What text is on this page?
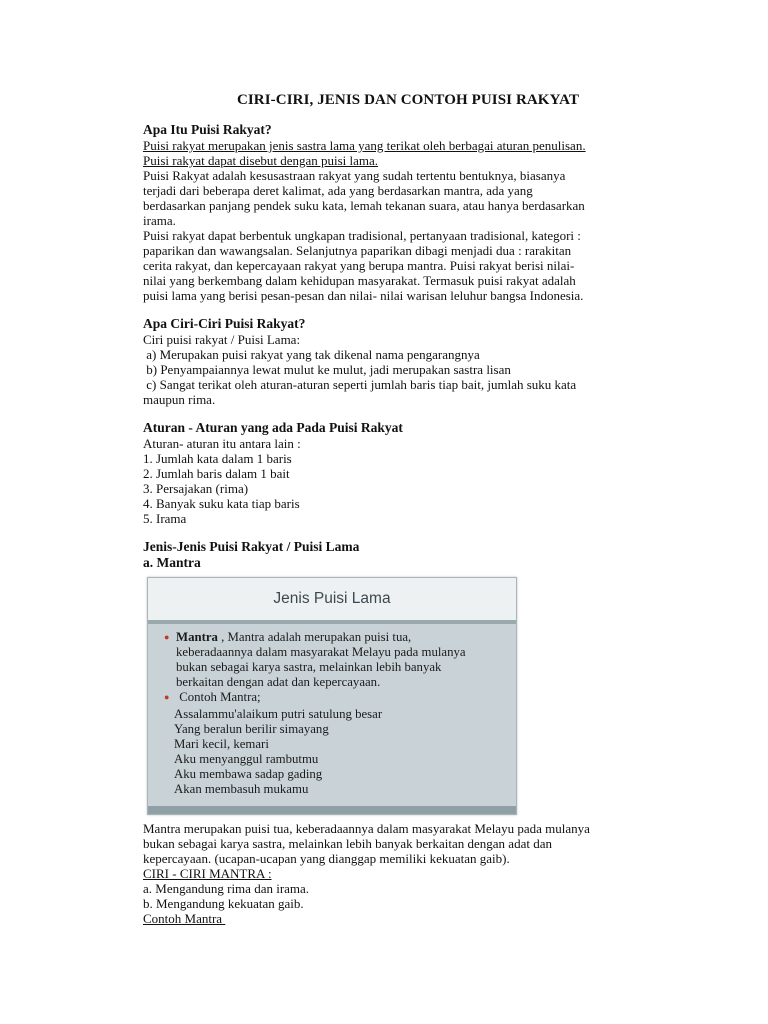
CIRI-CIRI, JENIS DAN CONTOH PUISI RAKYAT
Apa Itu Puisi Rakyat?
Puisi rakyat merupakan jenis sastra lama yang terikat oleh berbagai aturan penulisan.
Puisi rakyat dapat disebut dengan puisi lama.
Puisi Rakyat adalah kesusastraan rakyat yang sudah tertentu bentuknya, biasanya
terjadi dari beberapa deret kalimat, ada yang berdasarkan mantra, ada yang
berdasarkan panjang pendek suku kata, lemah tekanan suara, atau hanya berdasarkan
irama.
Puisi rakyat dapat berbentuk ungkapan tradisional, pertanyaan tradisional, kategori :
paparikan dan wawangsalan. Selanjutnya paparikan dibagi menjadi dua : rarakitan
cerita rakyat, dan kepercayaan rakyat yang berupa mantra. Puisi rakyat berisi nilai-
nilai yang berkembang dalam kehidupan masyarakat. Termasuk puisi rakyat adalah
puisi lama yang berisi pesan-pesan dan nilai- nilai warisan leluhur bangsa Indonesia.
Apa Ciri-Ciri Puisi Rakyat?
Ciri puisi rakyat / Puisi Lama:
a) Merupakan puisi rakyat yang tak dikenal nama pengarangnya
b) Penyampaiannya lewat mulut ke mulut, jadi merupakan sastra lisan
c) Sangat terikat oleh aturan-aturan seperti jumlah baris tiap bait, jumlah suku kata
maupun rima.
Aturan - Aturan yang ada Pada Puisi Rakyat
Aturan- aturan itu antara lain :
1. Jumlah kata dalam 1 baris
2. Jumlah baris dalam 1 bait
3. Persajakan (rima)
4. Banyak suku kata tiap baris
5. Irama
Jenis-Jenis Puisi Rakyat / Puisi Lama
a. Mantra
Jenis Puisi Lama
● Mantra , Mantra adalah merupakan puisi tua,
keberadaannya dalam masyarakat Melayu pada mulanya
bukan sebagai karya sastra, melainkan lebih banyak
berkaitan dengan adat dan kepercayaan.
● Contoh Mantra;
Assalammu'alaikum putri satulung besar
Yang beralun berilir simayang
Mari kecil, kemari
Aku menyanggul rambutmu
Aku membawa sadap gading
Akan membasuh mukamu
Mantra merupakan puisi tua, keberadaannya dalam masyarakat Melayu pada mulanya
bukan sebagai karya sastra, melainkan lebih banyak berkaitan dengan adat dan
kepercayaan. (ucapan-ucapan yang dianggap memiliki kekuatan gaib).
CIRI - CIRI MANTRA :
a. Mengandung rima dan irama.
b. Mengandung kekuatan gaib.
Contoh Mantra
